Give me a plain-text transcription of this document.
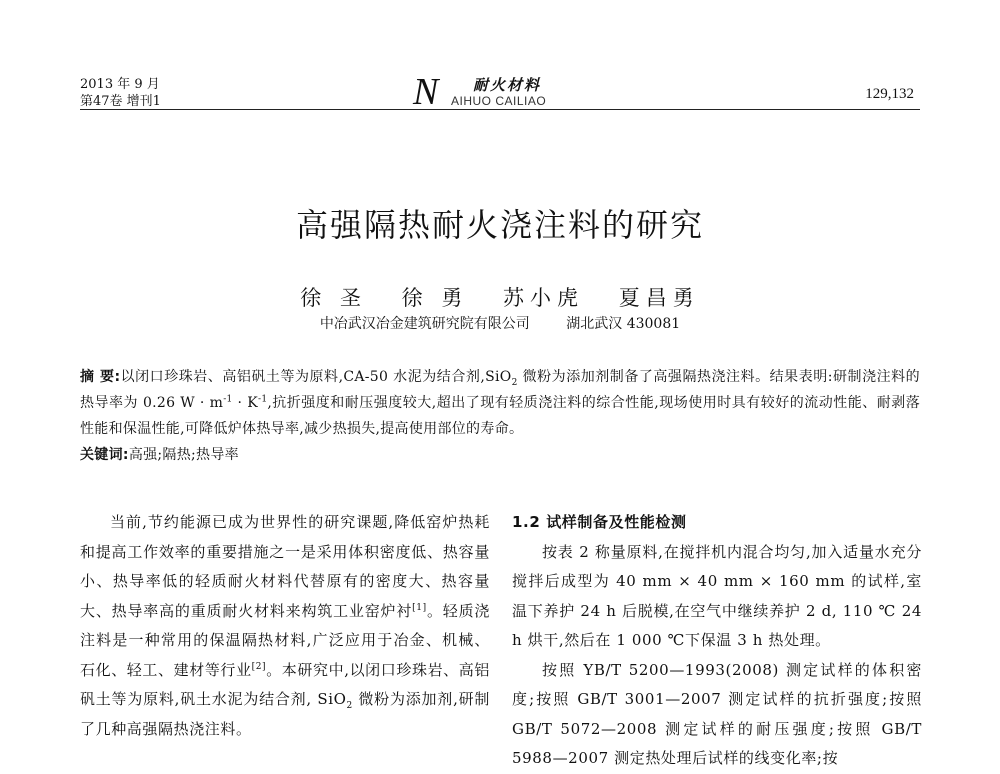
2013 年 9 月
第47卷 增刊1	N 耐火材料
AIHUO CAILIAO	129,132
高强隔热耐火浇注料的研究
徐 圣 徐 勇 苏小虎 夏昌勇
中冶武汉冶金建筑研究院有限公司	湖北武汉 430081
摘 要:以闭口珍珠岩、高铝矾土等为原料,CA-50 水泥为结合剂,SiO$_2$ 微粉为添加剂制备了高强隔热浇注料。结果表明:研制浇注料的热导率为 0.26 $W \cdot m^{-1} \cdot K^{-1}$,抗折强度和耐压强度较大,超出了现有轻质浇注料的综合性能,现场使用时具有较好的流动性能、耐剥落性能和保温性能,可降低炉体热导率,减少热损失,提高使用部位的寿命。
关键词:高强;隔热;热导率

当前,节约能源已成为世界性的研究课题,降低窑炉热耗和提高工作效率的重要措施之一是采用体积密度低、热容量小、热导率低的轻质耐火材料代替原有的密度大、热容量大、热导率高的重质耐火材料来构筑工业窑炉衬[1]。轻质浇注料是一种常用的保温隔热材料,广泛应用于冶金、机械、石化、轻工、建材等行业[2]。本研究中,以闭口珍珠岩、高铝矾土等为原料,矾土水泥为结合剂, SiO$_2$ 微粉为添加剂,研制了几种高强隔热浇注料。

1.2 试样制备及性能检测

按表 2 称量原料,在搅拌机内混合均匀,加入适量水充分搅拌后成型为 40 mm × 40 mm × 160 mm 的试样,室温下养护 24 h 后脱模,在空气中继续养护 2 d, 110 ℃ 24 h 烘干,然后在 1 000 ℃下保温 3 h 热处理。

按照 YB/T 5200—1993(2008) 测定试样的体积密度;按照 GB/T 3001—2007 测定试样的抗折强度;按照 GB/T 5072—2008 测定试样的耐压强度;按照 GB/T 5988—2007 测定热处理后试样的线变化率;按
